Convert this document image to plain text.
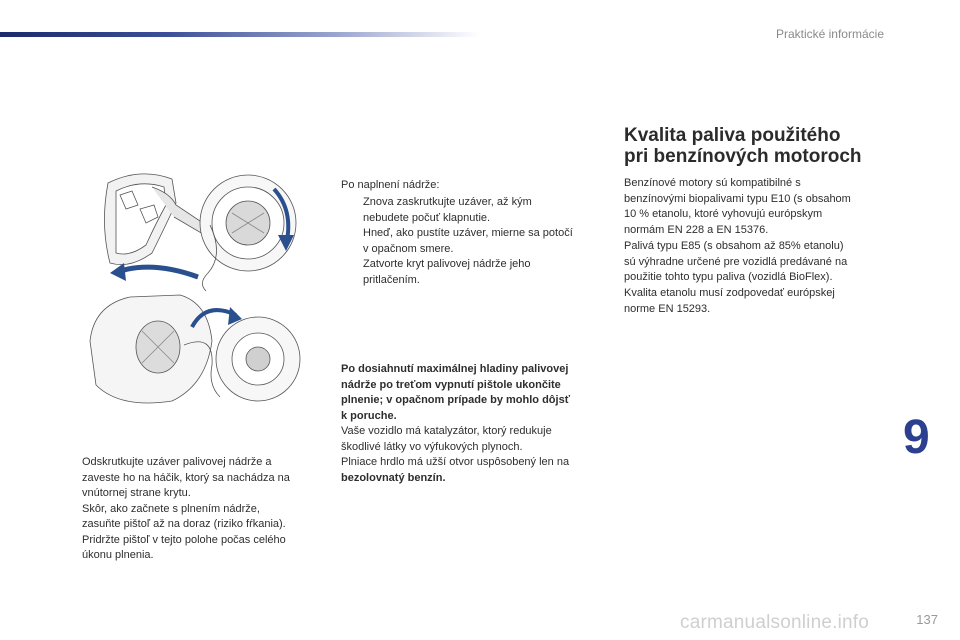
Praktické informácie
Odskrutkujte uzáver palivovej nádrže a
zaveste ho na háčik, ktorý sa nachádza na
vnútornej strane krytu.
Skôr, ako začnete s plnením nádrže,
zasuňte pištoľ až na doraz (riziko fŕkania).
Pridržte pištoľ v tejto polohe počas celého
úkonu plnenia.
Po naplnení nádrže:
Znova zaskrutkujte uzáver, až kým
nebudete počuť klapnutie.
Hneď, ako pustíte uzáver, mierne sa potočí
v opačnom smere.
Zatvorte kryt palivovej nádrže jeho
pritlačením.
Po dosiahnutí maximálnej hladiny palivovej
nádrže po treťom vypnutí pištole ukončite
plnenie; v opačnom prípade by mohlo dôjsť
k poruche.
Vaše vozidlo má katalyzátor, ktorý redukuje
škodlivé látky vo výfukových plynoch.
Plniace hrdlo má užší otvor uspôsobený len na
bezolovnatý benzín.
Kvalita paliva použitého
pri benzínových motoroch
Benzínové motory sú kompatibilné s
benzínovými biopalivami typu E10 (s obsahom
10 % etanolu, ktoré vyhovujú európskym
normám EN 228 a EN 15376.
Palivá typu E85 (s obsahom až 85% etanolu)
sú výhradne určené pre vozidlá predávané na
použitie tohto typu paliva (vozidlá BioFlex).
Kvalita etanolu musí zodpovedať európskej
norme EN 15293.
9
carmanualsonline.info	137
